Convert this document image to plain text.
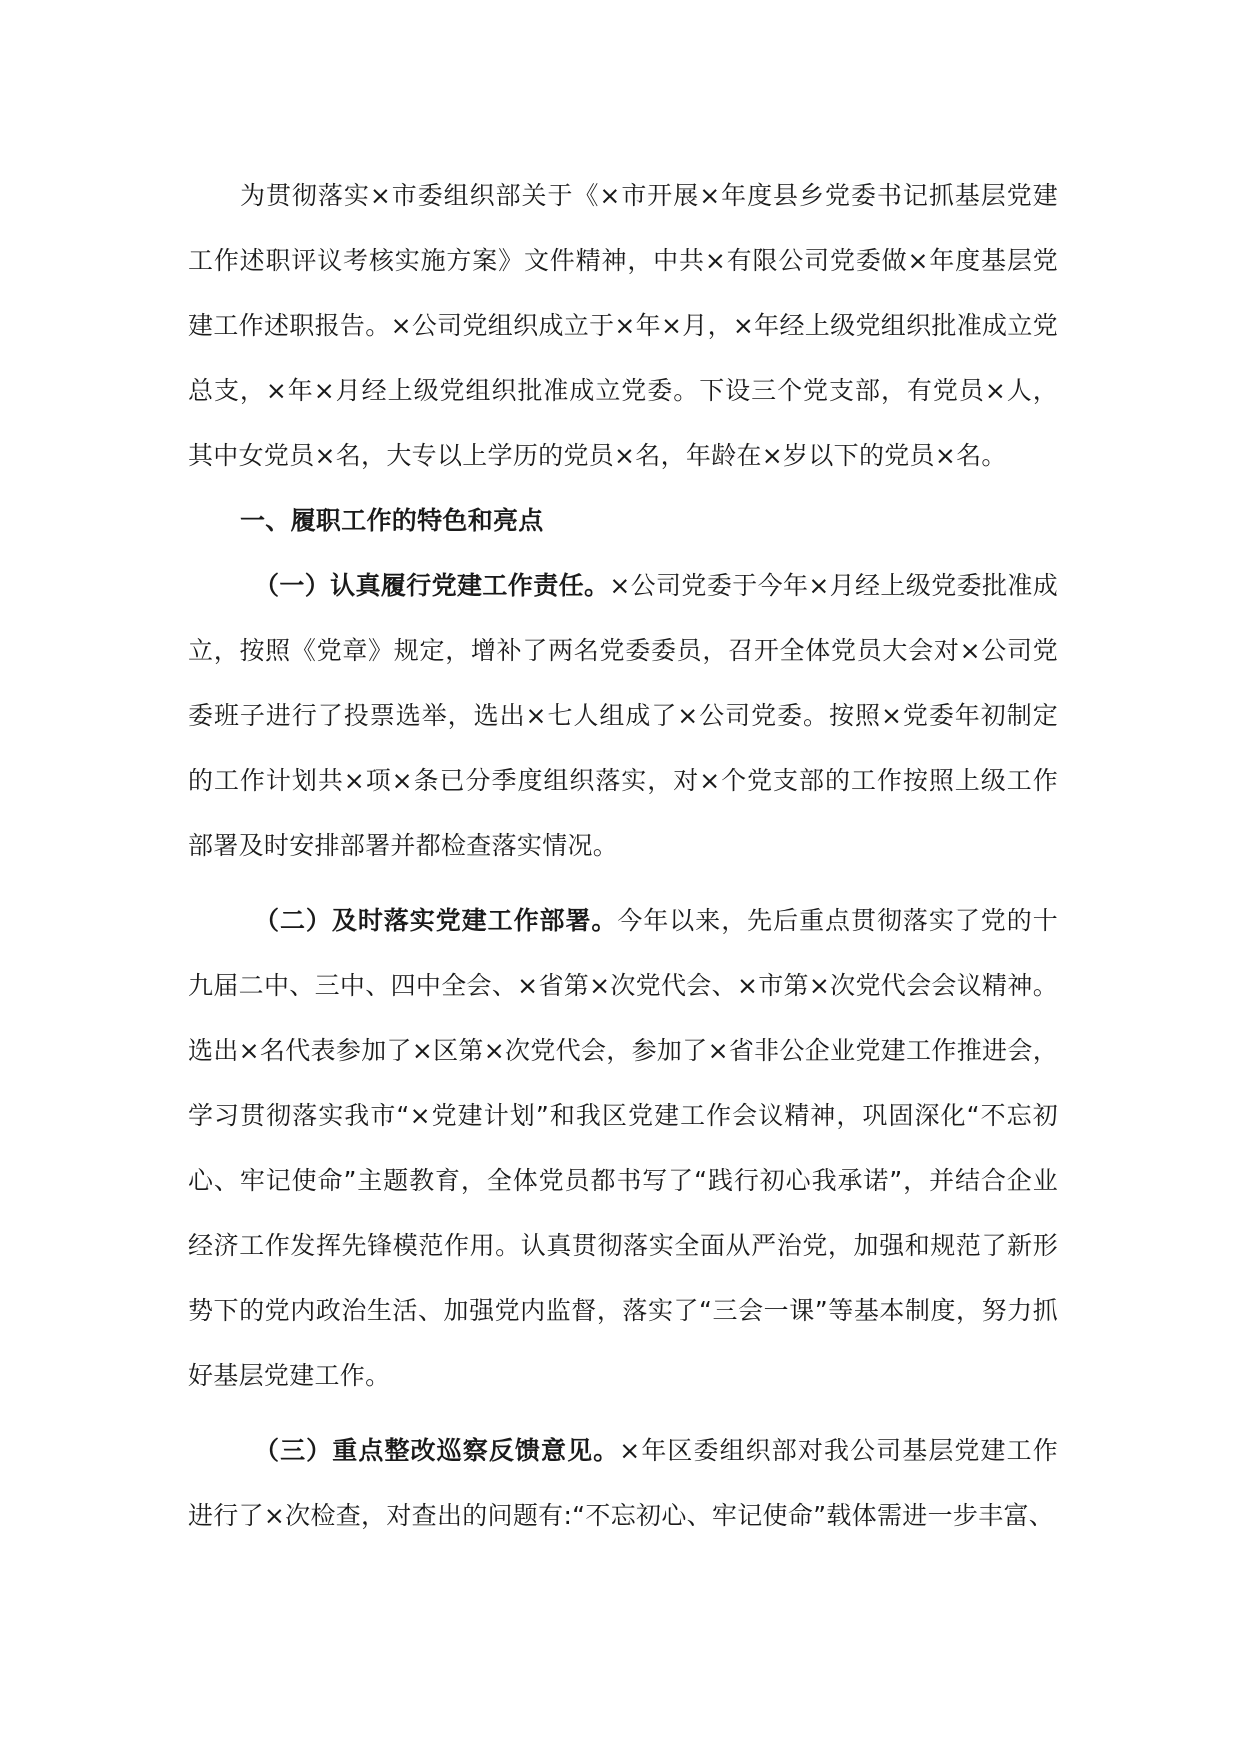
为贯彻落实×市委组织部关于《×市开展×年度县乡党委书记抓基层党建工作述职评议考核实施方案》文件精神，中共×有限公司党委做×年度基层党建工作述职报告。×公司党组织成立于×年×月，×年经上级党组织批准成立党总支，×年×月经上级党组织批准成立党委。下设三个党支部，有党员×人，其中女党员×名，大专以上学历的党员×名，年龄在×岁以下的党员×名。

一、履职工作的特色和亮点

（一）认真履行党建工作责任。×公司党委于今年×月经上级党委批准成立，按照《党章》规定，增补了两名党委委员，召开全体党员大会对×公司党委班子进行了投票选举，选出×七人组成了×公司党委。按照×党委年初制定的工作计划共×项×条已分季度组织落实，对×个党支部的工作按照上级工作部署及时安排部署并都检查落实情况。

（二）及时落实党建工作部署。今年以来，先后重点贯彻落实了党的十九届二中、三中、四中全会、×省第×次党代会、×市第×次党代会会议精神。选出×名代表参加了×区第×次党代会，参加了×省非公企业党建工作推进会，学习贯彻落实我市“×党建计划”和我区党建工作会议精神，巩固深化“不忘初心、牢记使命”主题教育，全体党员都书写了“践行初心我承诺”，并结合企业经济工作发挥先锋模范作用。认真贯彻落实全面从严治党，加强和规范了新形势下的党内政治生活、加强党内监督，落实了“三会一课”等基本制度，努力抓好基层党建工作。

（三）重点整改巡察反馈意见。×年区委组织部对我公司基层党建工作进行了×次检查，对查出的问题有:“不忘初心、牢记使命”载体需进一步丰富、
